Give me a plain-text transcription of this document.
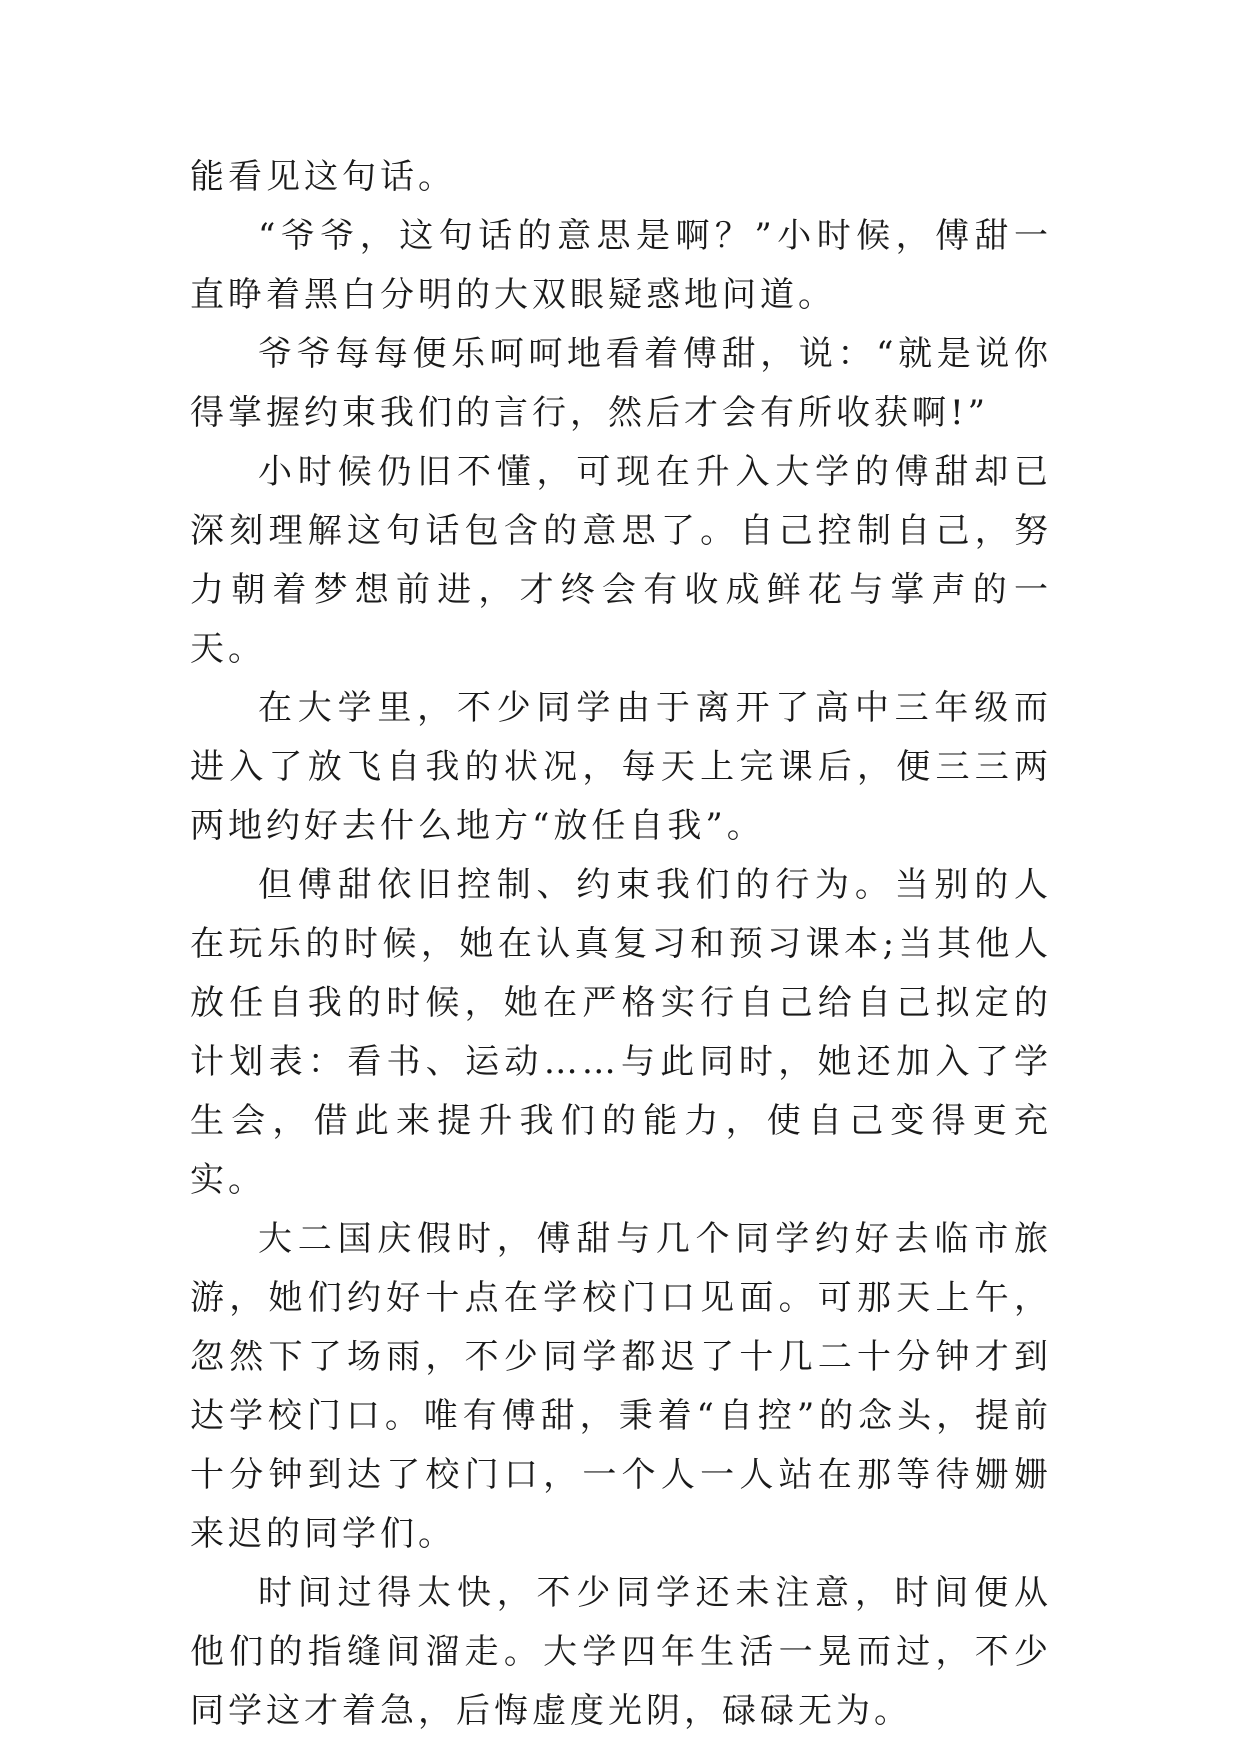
能看见这句话。

“爷爷，这句话的意思是啊？”小时候，傅甜一直睁着黑白分明的大双眼疑惑地问道。

爷爷每每便乐呵呵地看着傅甜，说：“就是说你得掌握约束我们的言行，然后才会有所收获啊!”

小时候仍旧不懂，可现在升入大学的傅甜却已深刻理解这句话包含的意思了。自己控制自己，努力朝着梦想前进，才终会有收成鲜花与掌声的一天。

在大学里，不少同学由于离开了高中三年级而进入了放飞自我的状况，每天上完课后，便三三两两地约好去什么地方“放任自我”。

但傅甜依旧控制、约束我们的行为。当别的人在玩乐的时候，她在认真复习和预习课本;当其他人放任自我的时候，她在严格实行自己给自己拟定的计划表：看书、运动……与此同时，她还加入了学生会，借此来提升我们的能力，使自己变得更充实。

大二国庆假时，傅甜与几个同学约好去临市旅游，她们约好十点在学校门口见面。可那天上午，忽然下了场雨，不少同学都迟了十几二十分钟才到达学校门口。唯有傅甜，秉着“自控”的念头，提前十分钟到达了校门口，一个人一人站在那等待姗姗来迟的同学们。

时间过得太快，不少同学还未注意，时间便从他们的指缝间溜走。大学四年生活一晃而过，不少同学这才着急，后悔虚度光阴，碌碌无为。
